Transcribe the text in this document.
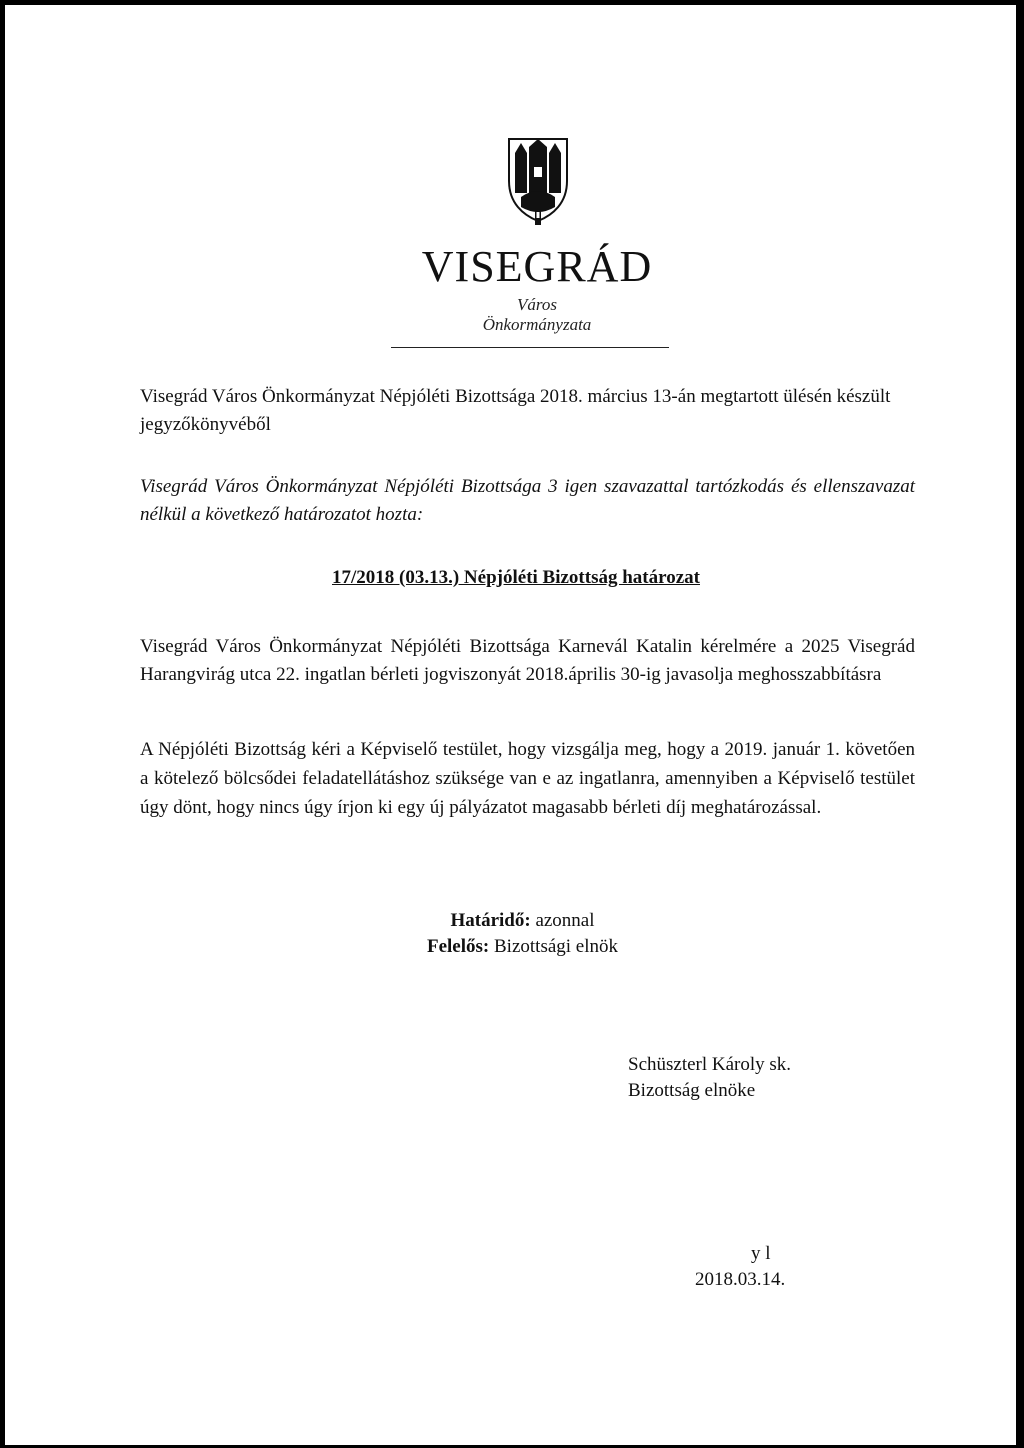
VISEGRÁD
Város
Önkormányzata
Visegrád Város Önkormányzat Népjóléti Bizottsága 2018. március 13-án megtartott ülésén készült jegyzőkönyvéből
Visegrád Város Önkormányzat Népjóléti Bizottsága 3 igen szavazattal tartózkodás és ellenszavazat nélkül a következő határozatot hozta:
17/2018 (03.13.) Népjóléti Bizottság határozat
Visegrád Város Önkormányzat Népjóléti Bizottsága Karnevál Katalin kérelmére a 2025 Visegrád Harangvirág utca 22. ingatlan bérleti jogviszonyát 2018.április 30-ig javasolja meghosszabbításra
A Népjóléti Bizottság kéri a Képviselő testület, hogy vizsgálja meg, hogy a 2019. január 1. követően a kötelező bölcsődei feladatellátáshoz szüksége van e az ingatlanra, amennyiben a Képviselő testület úgy dönt, hogy nincs úgy írjon ki egy új pályázatot magasabb bérleti díj meghatározással.
Határidő: azonnal
Felelős: Bizottsági elnök
Schüszterl Károly sk.
Bizottság elnöke
y l
2018.03.14.
